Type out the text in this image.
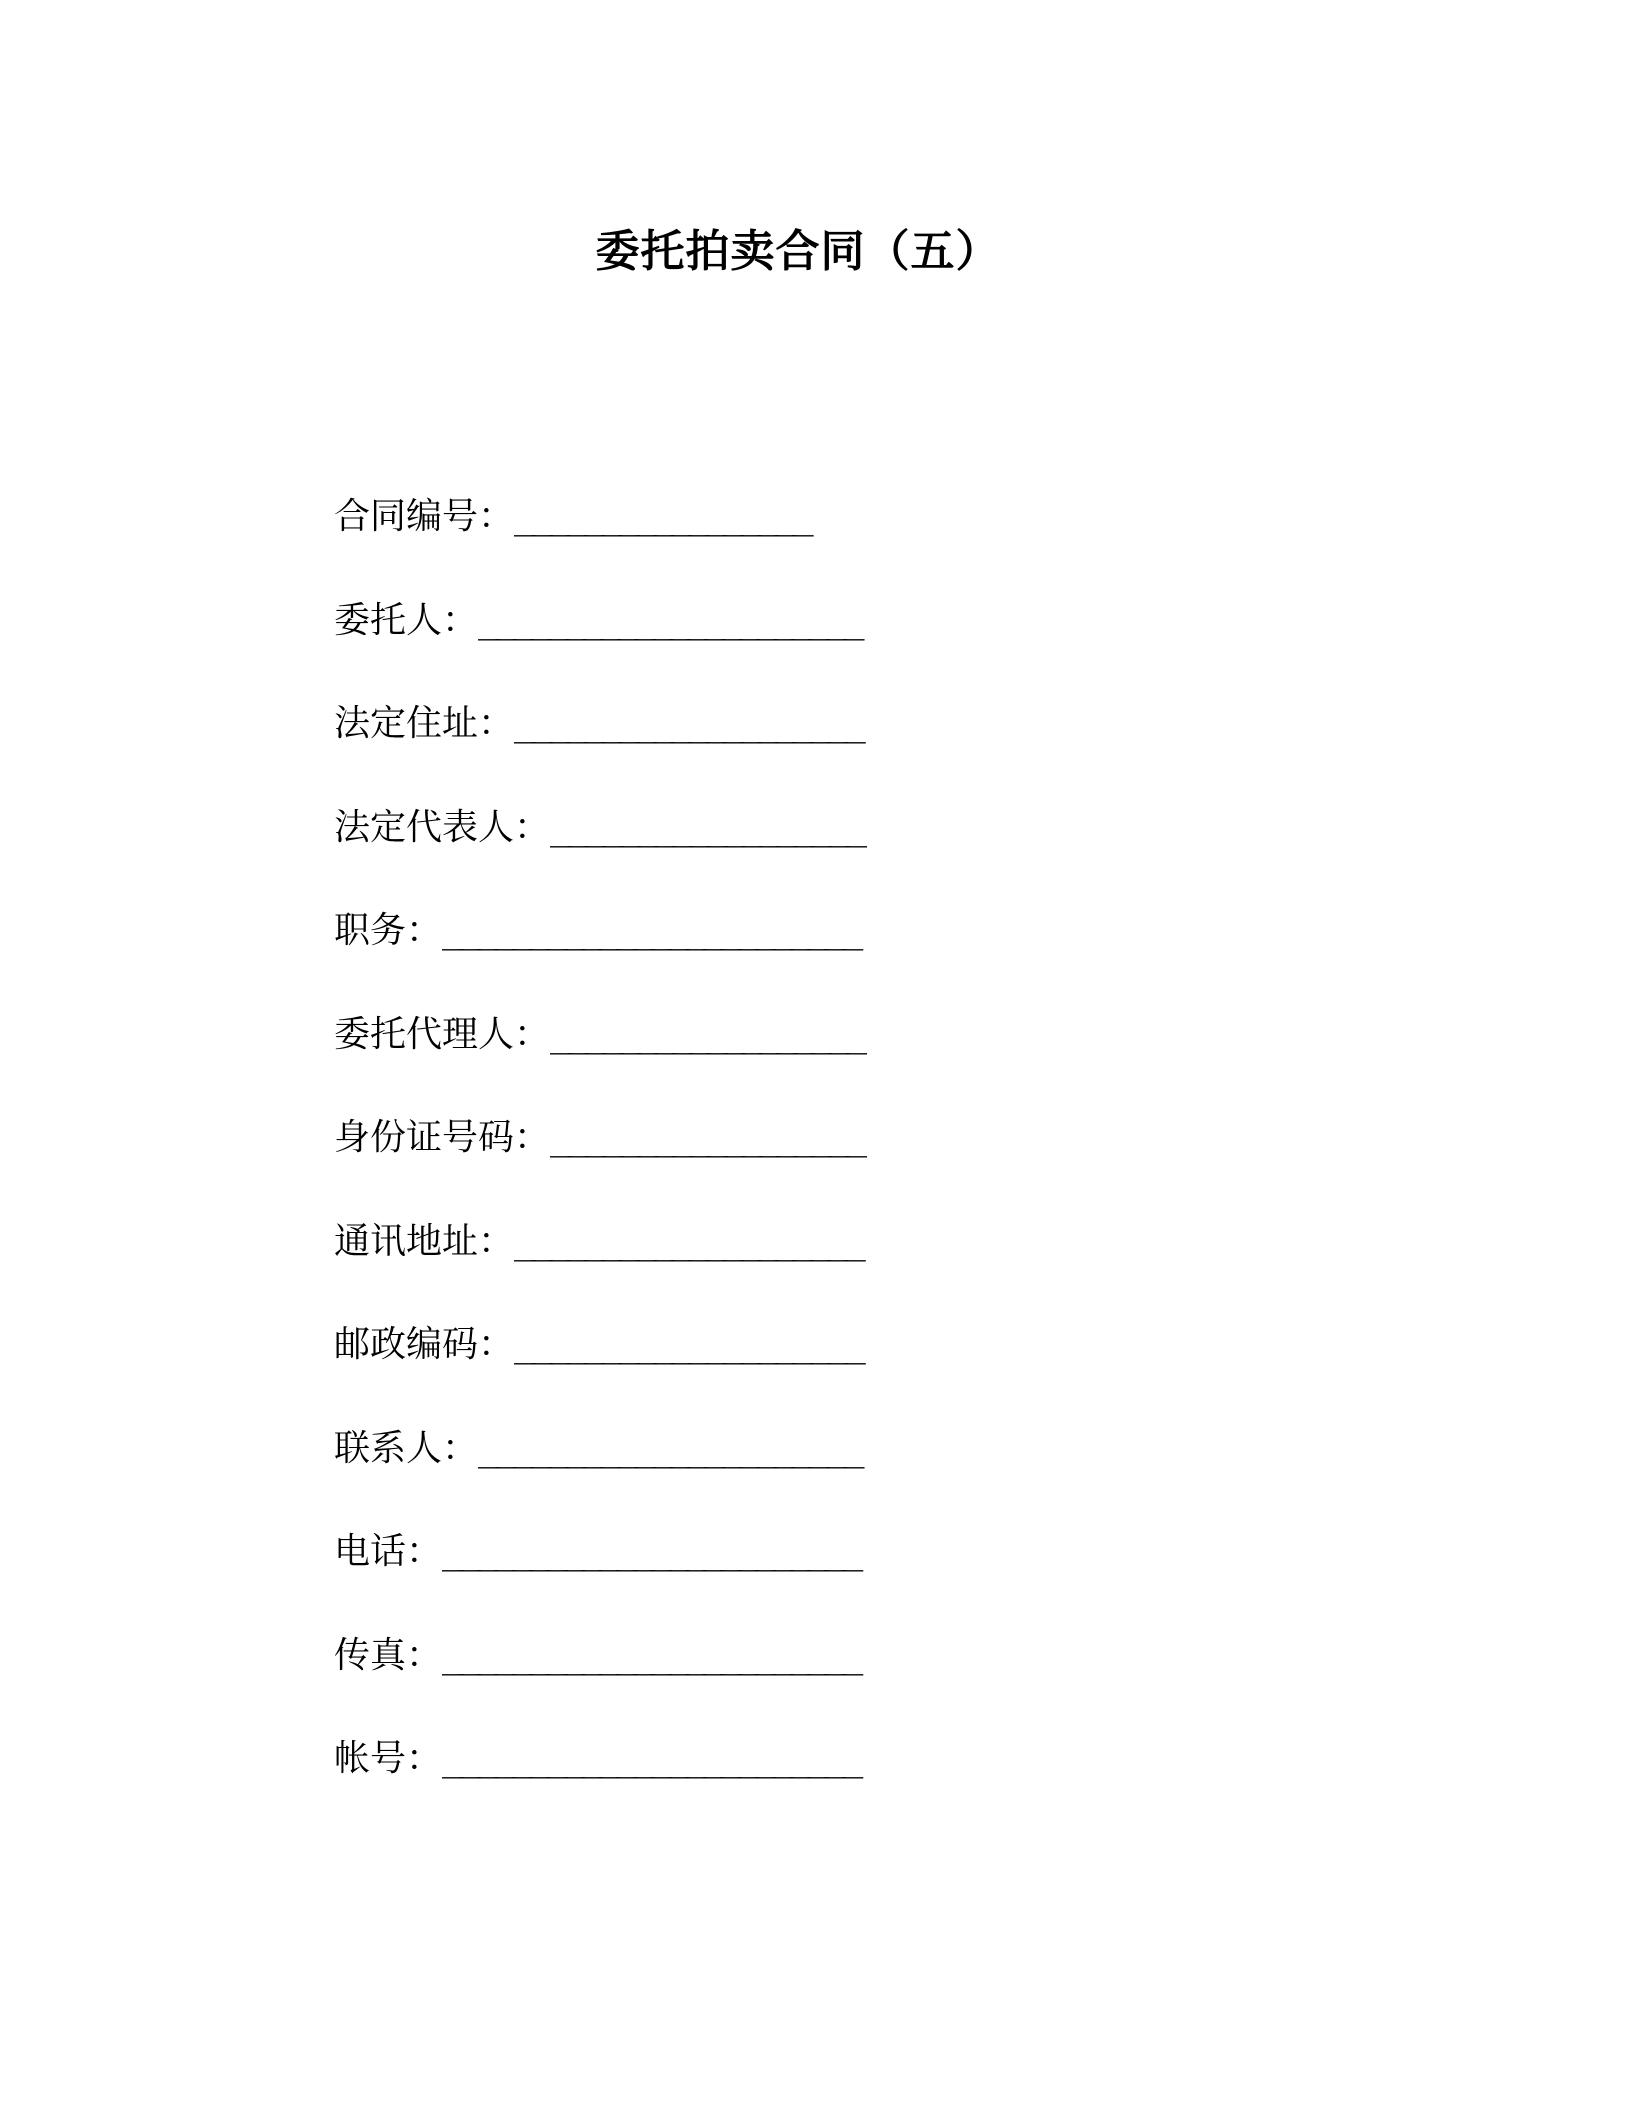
委托拍卖合同（五）
合同编号：_________________
委托人：______________________
法定住址：____________________
法定代表人：__________________
职务：________________________
委托代理人：__________________
身份证号码：__________________
通讯地址：____________________
邮政编码：____________________
联系人：______________________
电话：________________________
传真：________________________
帐号：________________________
